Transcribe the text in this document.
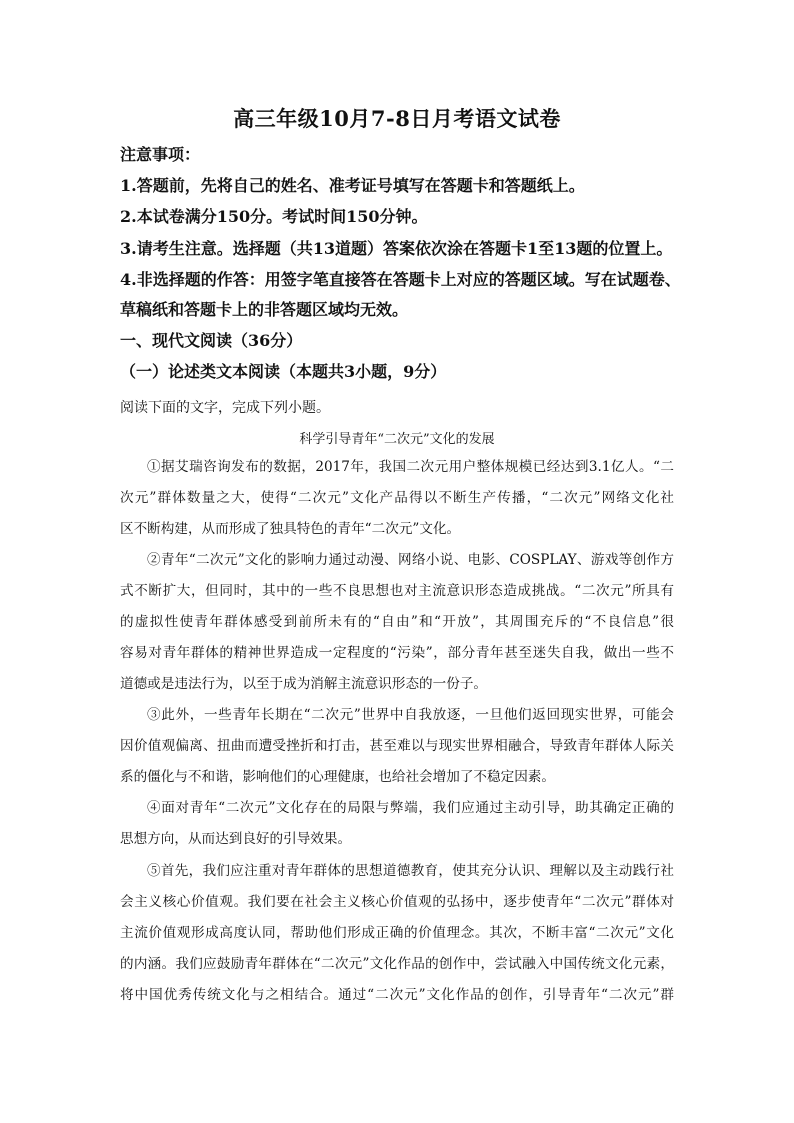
高三年级10月7-8日月考语文试卷
注意事项：
1.答题前，先将自己的姓名、准考证号填写在答题卡和答题纸上。
2.本试卷满分150分。考试时间150分钟。
3.请考生注意。选择题（共13道题）答案依次涂在答题卡1至13题的位置上。
4.非选择题的作答：用签字笔直接答在答题卡上对应的答题区域。写在试题卷、
草稿纸和答题卡上的非答题区域均无效。
一、现代文阅读（36分）
（一）论述类文本阅读（本题共3小题，9分）
阅读下面的文字，完成下列小题。
科学引导青年“二次元”文化的发展
①据艾瑞咨询发布的数据，2017年，我国二次元用户整体规模已经达到3.1亿人。“二
次元”群体数量之大，使得“二次元”文化产品得以不断生产传播，“二次元”网络文化社
区不断构建，从而形成了独具特色的青年“二次元”文化。
②青年“二次元”文化的影响力通过动漫、网络小说、电影、COSPLAY、游戏等创作方
式不断扩大，但同时，其中的一些不良思想也对主流意识形态造成挑战。“二次元”所具有
的虚拟性使青年群体感受到前所未有的“自由”和“开放”，其周围充斥的“不良信息”很
容易对青年群体的精神世界造成一定程度的“污染”，部分青年甚至迷失自我，做出一些不
道德或是违法行为，以至于成为消解主流意识形态的一份子。
③此外，一些青年长期在“二次元”世界中自我放逐，一旦他们返回现实世界，可能会
因价值观偏离、扭曲而遭受挫折和打击，甚至难以与现实世界相融合，导致青年群体人际关
系的僵化与不和谐，影响他们的心理健康，也给社会增加了不稳定因素。
④面对青年“二次元”文化存在的局限与弊端，我们应通过主动引导，助其确定正确的
思想方向，从而达到良好的引导效果。
⑤首先，我们应注重对青年群体的思想道德教育，使其充分认识、理解以及主动践行社
会主义核心价值观。我们要在社会主义核心价值观的弘扬中，逐步使青年“二次元”群体对
主流价值观形成高度认同，帮助他们形成正确的价值理念。其次，不断丰富“二次元”文化
的内涵。我们应鼓励青年群体在“二次元”文化作品的创作中，尝试融入中国传统文化元素，
将中国优秀传统文化与之相结合。通过“二次元”文化作品的创作，引导青年“二次元”群
